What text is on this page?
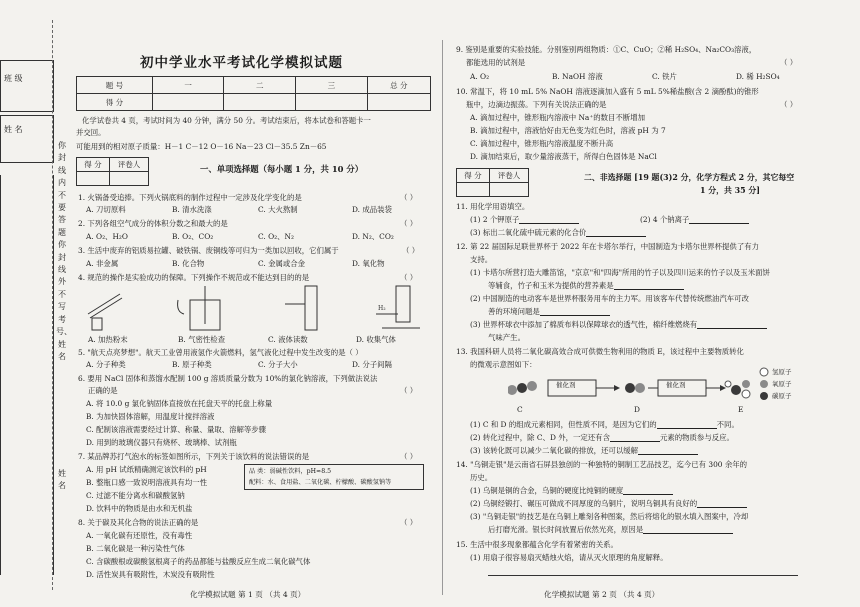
班 级
姓 名
你封线内不要答题你封线外不写考号、姓名
初中学业水平考试化学模拟试题
题 号	一	二	三	总 分
得 分				
化学试卷共 4 页，考试时间为 40 分钟，满分 50 分。考试结束后，将本试卷和答题卡一
并交回。
可能用到的相对原子质量：H－1 C－12 O－16 Na－23 Cl－35.5 Zn－65
得 分	评卷人
		一、单项选择题（每小题 1 分，共 10 分）
1. 火锅备受追捧。下列火锅底料的制作过程中一定涉及化学变化的是	（ ）
A. 刀切原料	B. 清水洗涤	C. 大火熬制	D. 成品装袋
2. 下列各组空气成分的体积分数之和最大的是	（ ）
A. O₂、H₂O	B. O₂、CO₂	C. O₂、N₂	D. N₂、CO₂
3. 生活中废弃的铝质易拉罐、破铁锅、废铜线等可归为一类加以回收，它们属于	（ ）
A. 非金属	B. 化合物	C. 金属或合金	D. 氧化物
4. 规范的操作是实验成功的保障。下列操作不规范或不能达到目的的是	（ ）
H₂
A. 加热粉末	B. 气密性检查	C. 液体读数	D. 收集气体
5. "航天点亮梦想"。航天工业曾用液氢作火箭燃料，氢气液化过程中发生改变的是（ ）
A. 分子种类	B. 原子种类	C. 分子大小	D. 分子间隔
6. 要用 NaCl 固体和蒸馏水配制 100 g 溶质质量分数为 10%的氯化钠溶液，下列做法说法
正确的是	（ ）
A. 将 10.0 g 氯化钠固体直接放在托盘天平的托盘上称量
B. 为加快固体溶解，用温度计搅拌溶液
C. 配制该溶液需要经过计算、称量、量取、溶解等步骤
D. 用到的玻璃仪器只有烧杯、玻璃棒、试剂瓶
7. 某品牌苏打气泡水的标签如图所示，下列关于该饮料的说法错误的是	（ ）
品 类：弱碱性饮料，pH≈8.5
配料：水、食用盐、二氧化碳、柠檬酸、碳酸氢钠等
A. 用 pH 试纸精确测定该饮料的 pH
B. 整瓶口感一致说明溶液具有均一性
C. 过滤不能分离水和碳酸氢钠
D. 饮料中的物质是由水和无机盐
8. 关于碳及其化合物的说法正确的是	（ ）
A. 一氧化碳有还原性，没有毒性
B. 二氧化碳是一种污染性气体
C. 含碳酸根或碳酸氢根离子的药品都能与盐酸反应生成二氧化碳气体
D. 活性炭具有吸附性，木炭没有吸附性
化学模拟试题 第 1 页 （共 4 页）
9. 鉴别是重要的实验技能。分别鉴别两组物质：①C、CuO；②稀 H₂SO₄、Na₂CO₃溶液，
都能选用的试剂是	（ ）
A. O₂	B. NaOH 溶液	C. 铁片	D. 稀 H₂SO₄
10. 常温下，将 10 mL 5% NaOH 溶液逐滴加入盛有 5 mL 5%稀盐酸(含 2 滴酚酞)的锥形
瓶中，边滴边振荡。下列有关说法正确的是	（ ）
A. 滴加过程中，锥形瓶内溶液中 Na⁺的数目不断增加
B. 滴加过程中，溶液恰好由无色变为红色时，溶液 pH 为 7
C. 滴加过程中，锥形瓶内溶液温度不断升高
D. 滴加结束后，取少量溶液蒸干，所得白色固体是 NaCl
得 分	评卷人
		二、非选择题 [19 题(3)2 分，化学方程式 2 分，其它每空
1 分，共 35 分]
11. 用化学用语填空。
(1) 2 个钾原子	(2) 4 个钠离子
(3) 标出二氧化硫中硫元素的化合价
12. 第 22 届国际足联世界杯于 2022 年在卡塔尔举行，中国制造为卡塔尔世界杯提供了有力
支持。
(1) 卡塔尔所营打造大雕笛馆，"京京"和"四海"所用的竹子以及四川运来的竹子以及玉米面饼
等辅食，竹子和玉米为提供的营养素是
(2) 中国制造的电动客车是世界杯服务用车的主力军。用该客车代替传统燃油汽车可改
善的环境问题是
(3) 世界杯球衣中添加了棉质布料以保障球衣的透气性，棉纤维燃烧有
气味产生。
13. 我国科研人员将二氧化碳高效合成可供微生物利用的物质 E，该过程中主要物质转化
的微观示意图如下：
催化剂	催化剂
C	D	E
氢原子
氧原子
碳原子
(1) C 和 D 的组成元素相同，但性质不同，是因为它们的	不同。
(2) 转化过程中，除 C、D 外，一定还有含	元素的物质参与反应。
(3) 该转化既可以减少二氧化碳的排放，还可以缓解
14. "乌铜走银"是云南省石屏县独创的一种独特的铜制工艺品技艺，迄今已有 300 余年的
历史。
(1) 乌铜是铜的合金，乌铜的硬度比纯铜的硬度
(2) 乌铜经锻打、碾压可做成不同厚度的乌铜片，说明乌铜具有良好的
(3) "乌铜走银"的技艺是在乌铜上雕刻各种图案，然后将熔化的银水填入图案中，冷却
后打磨光滑。银长时间放置后依然光亮，原因是
15. 生活中很多现象都蕴含化学有着紧密的关系。
(1) 用扇子很容易扇灭蜡烛火焰，请从灭火原理的角度解释。
化学模拟试题 第 2 页 （共 4 页）
姓名
